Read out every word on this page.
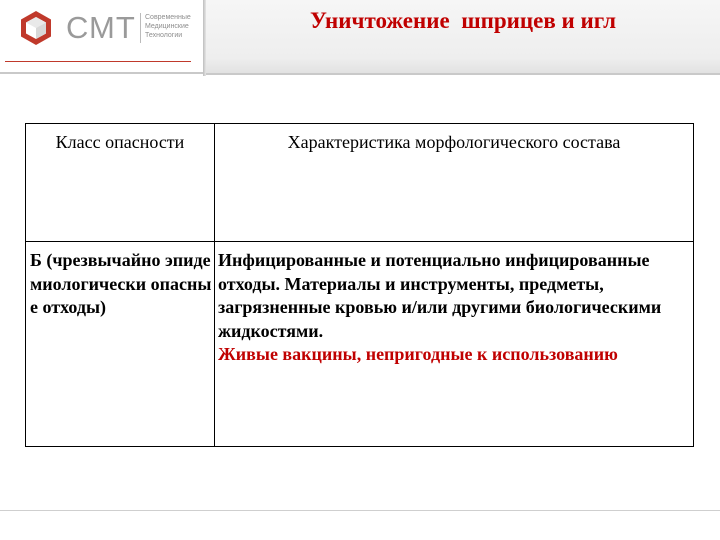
СМТ Современные
Медицинские
Технологии
Уничтожение  шприцев и игл
Класс опасности	Характеристика морфологического состава

Б (чрезвычайно эпидемиологически опасные отходы)	Инфицированные и потенциально инфицированные отходы. Материалы и инструменты, предметы, загрязненные кровью и/или другими биологическими жидкостями.
Живые вакцины, непригодные к использованию
